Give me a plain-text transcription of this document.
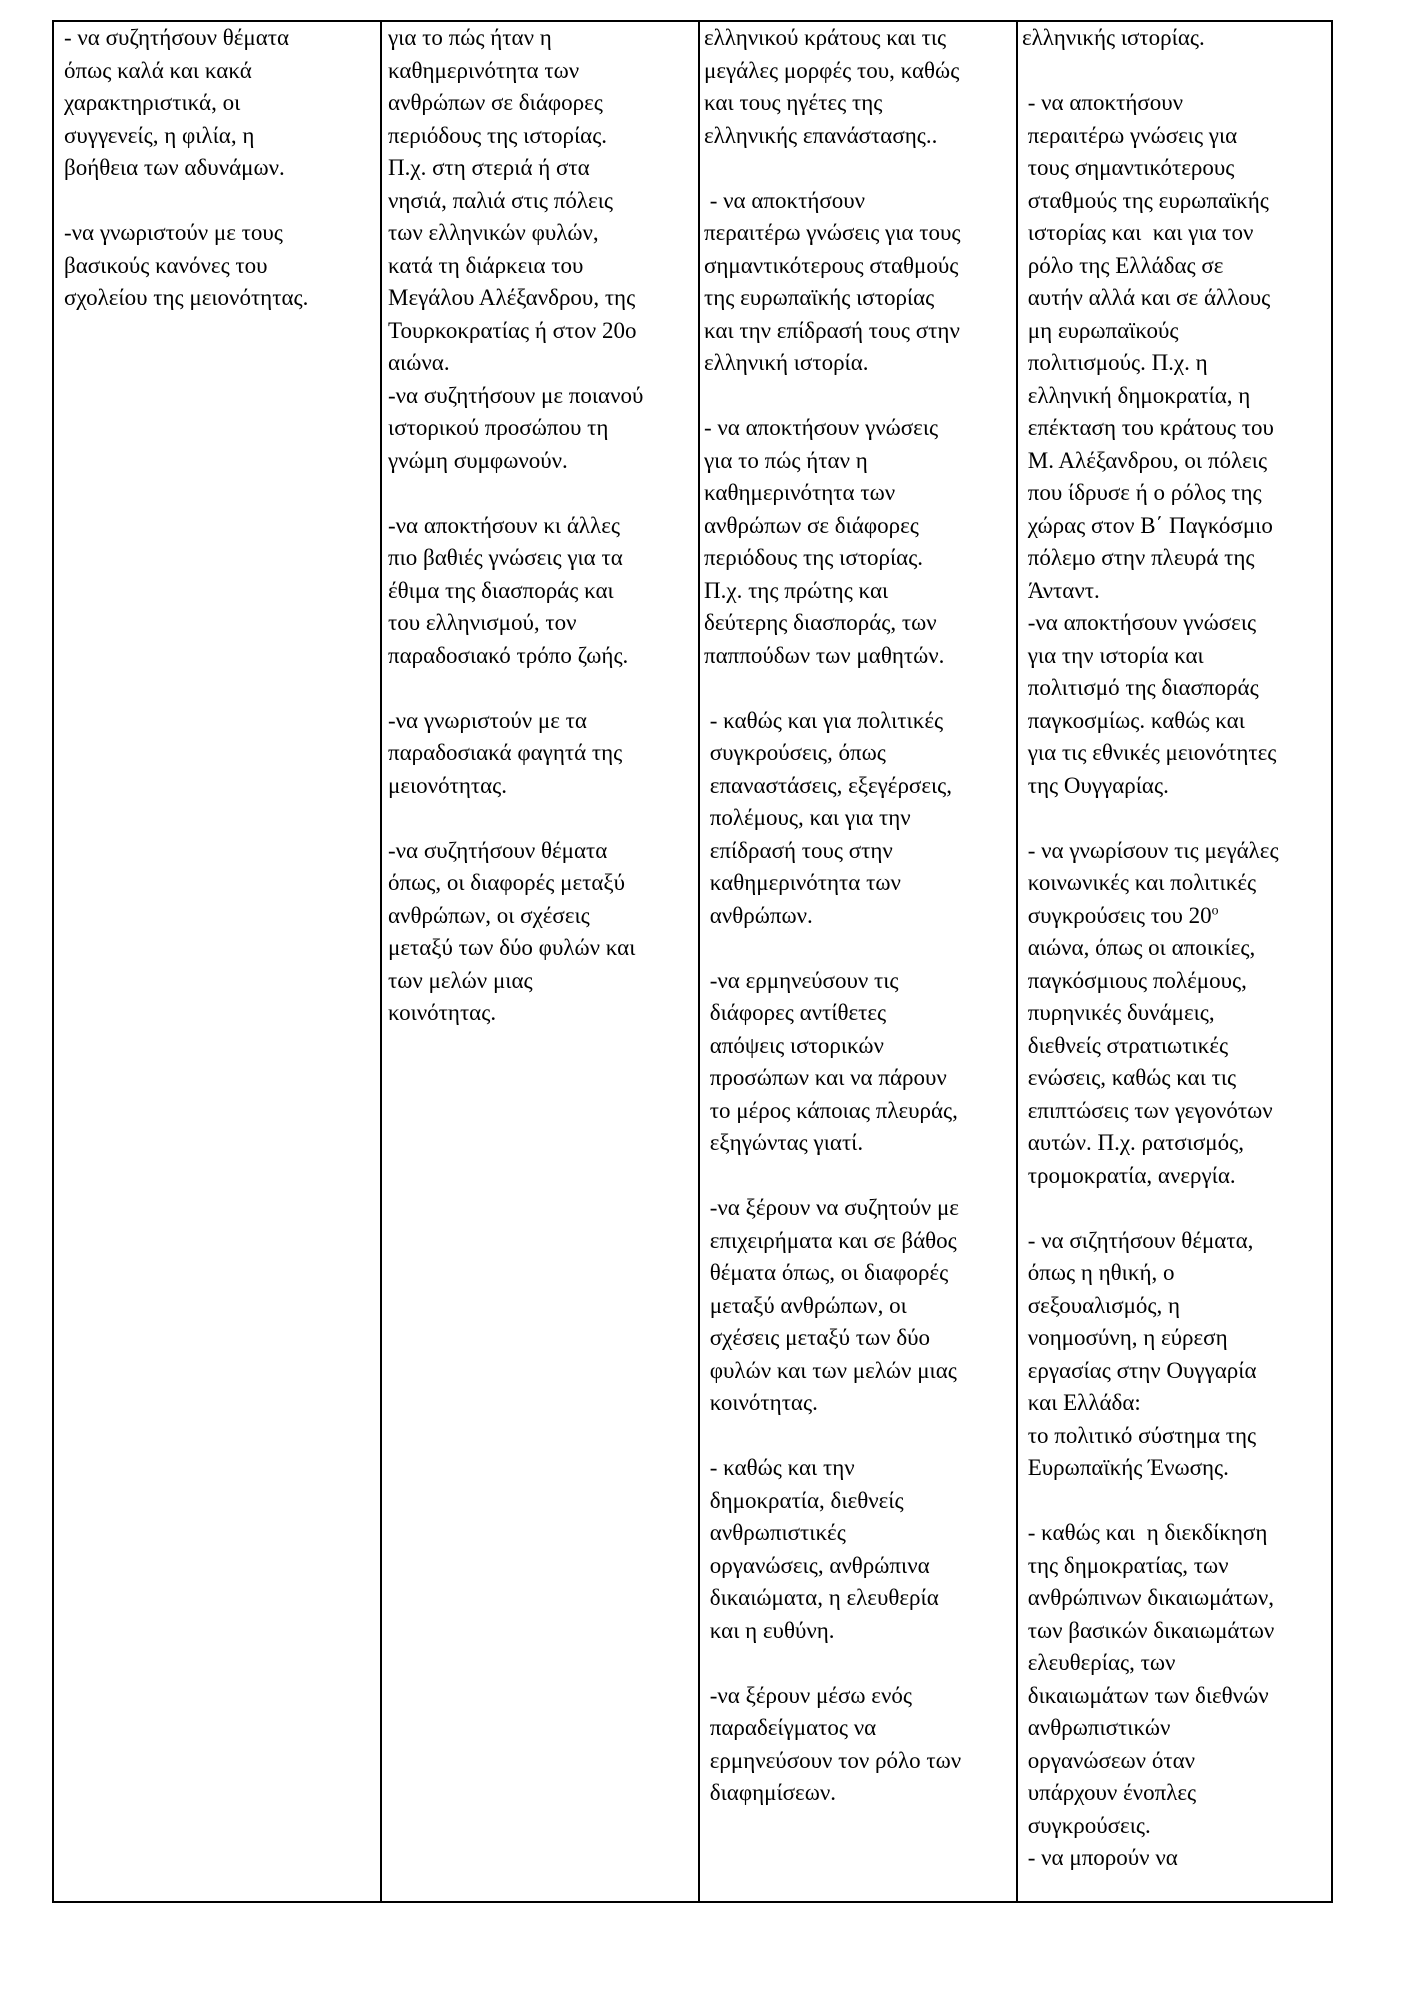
- να συζητήσουν θέματα
όπως καλά και κακά
χαρακτηριστικά, οι
συγγενείς, η φιλία, η
βοήθεια των αδυνάμων.

-να γνωριστούν με τους
βασικούς κανόνες του
σχολείου της μειονότητας.

για το πώς ήταν η
καθημερινότητα των
ανθρώπων σε διάφορες
περιόδους της ιστορίας.
Π.χ. στη στεριά ή στα
νησιά, παλιά στις πόλεις
των ελληνικών φυλών,
κατά τη διάρκεια του
Μεγάλου Αλέξανδρου, της
Τουρκοκρατίας ή στον 20ο
αιώνα.
-να συζητήσουν με ποιανού
ιστορικού προσώπου τη
γνώμη συμφωνούν.

-να αποκτήσουν κι άλλες
πιο βαθιές γνώσεις για τα
έθιμα της διασποράς και
του ελληνισμού, τον
παραδοσιακό τρόπο ζωής.

-να γνωριστούν με τα
παραδοσιακά φαγητά της
μειονότητας.

-να συζητήσουν θέματα
όπως, οι διαφορές μεταξύ
ανθρώπων, οι σχέσεις
μεταξύ των δύο φυλών και
των μελών μιας
κοινότητας.

ελληνικού κράτους και τις
μεγάλες μορφές του, καθώς
και τους ηγέτες της
ελληνικής επανάστασης..

- να αποκτήσουν
περαιτέρω γνώσεις για τους
σημαντικότερους σταθμούς
της ευρωπαϊκής ιστορίας
και την επίδρασή τους στην
ελληνική ιστορία.

- να αποκτήσουν γνώσεις
για το πώς ήταν η
καθημερινότητα των
ανθρώπων σε διάφορες
περιόδους της ιστορίας.
Π.χ. της πρώτης και
δεύτερης διασποράς, των
παππούδων των μαθητών.

- καθώς και για πολιτικές
συγκρούσεις, όπως
επαναστάσεις, εξεγέρσεις,
πολέμους, και για την
επίδρασή τους στην
καθημερινότητα των
ανθρώπων.

-να ερμηνεύσουν τις
διάφορες αντίθετες
απόψεις ιστορικών
προσώπων και να πάρουν
το μέρος κάποιας πλευράς,
εξηγώντας γιατί.

-να ξέρουν να συζητούν με
επιχειρήματα και σε βάθος
θέματα όπως, οι διαφορές
μεταξύ ανθρώπων, οι
σχέσεις μεταξύ των δύο
φυλών και των μελών μιας
κοινότητας.

- καθώς και την
δημοκρατία, διεθνείς
ανθρωπιστικές
οργανώσεις, ανθρώπινα
δικαιώματα, η ελευθερία
και η ευθύνη.

-να ξέρουν μέσω ενός
παραδείγματος να
ερμηνεύσουν τον ρόλο των
διαφημίσεων.

ελληνικής ιστορίας.

- να αποκτήσουν
περαιτέρω γνώσεις για
τους σημαντικότερους
σταθμούς της ευρωπαϊκής
ιστορίας και  και για τον
ρόλο της Ελλάδας σε
αυτήν αλλά και σε άλλους
μη ευρωπαϊκούς
πολιτισμούς. Π.χ. η
ελληνική δημοκρατία, η
επέκταση του κράτους του
Μ. Αλέξανδρου, οι πόλεις
που ίδρυσε ή ο ρόλος της
χώρας στον Β΄ Παγκόσμιο
πόλεμο στην πλευρά της
Άνταντ.
-να αποκτήσουν γνώσεις
για την ιστορία και
πολιτισμό της διασποράς
παγκοσμίως. καθώς και
για τις εθνικές μειονότητες
της Ουγγαρίας.

- να γνωρίσουν τις μεγάλες
κοινωνικές και πολιτικές
συγκρούσεις του $20^o$
αιώνα, όπως οι αποικίες,
παγκόσμιους πολέμους,
πυρηνικές δυνάμεις,
διεθνείς στρατιωτικές
ενώσεις, καθώς και τις
επιπτώσεις των γεγονότων
αυτών. Π.χ. ρατσισμός,
τρομοκρατία, ανεργία.

- να σιζητήσουν θέματα,
όπως η ηθική, ο
σεξουαλισμός, η
νοημοσύνη, η εύρεση
εργασίας στην Ουγγαρία
και Ελλάδα:
το πολιτικό σύστημα της
Ευρωπαϊκής Ένωσης.

- καθώς και  η διεκδίκηση
της δημοκρατίας, των
ανθρώπινων δικαιωμάτων,
των βασικών δικαιωμάτων
ελευθερίας, των
δικαιωμάτων των διεθνών
ανθρωπιστικών
οργανώσεων όταν
υπάρχουν ένοπλες
συγκρούσεις.
- να μπορούν να
